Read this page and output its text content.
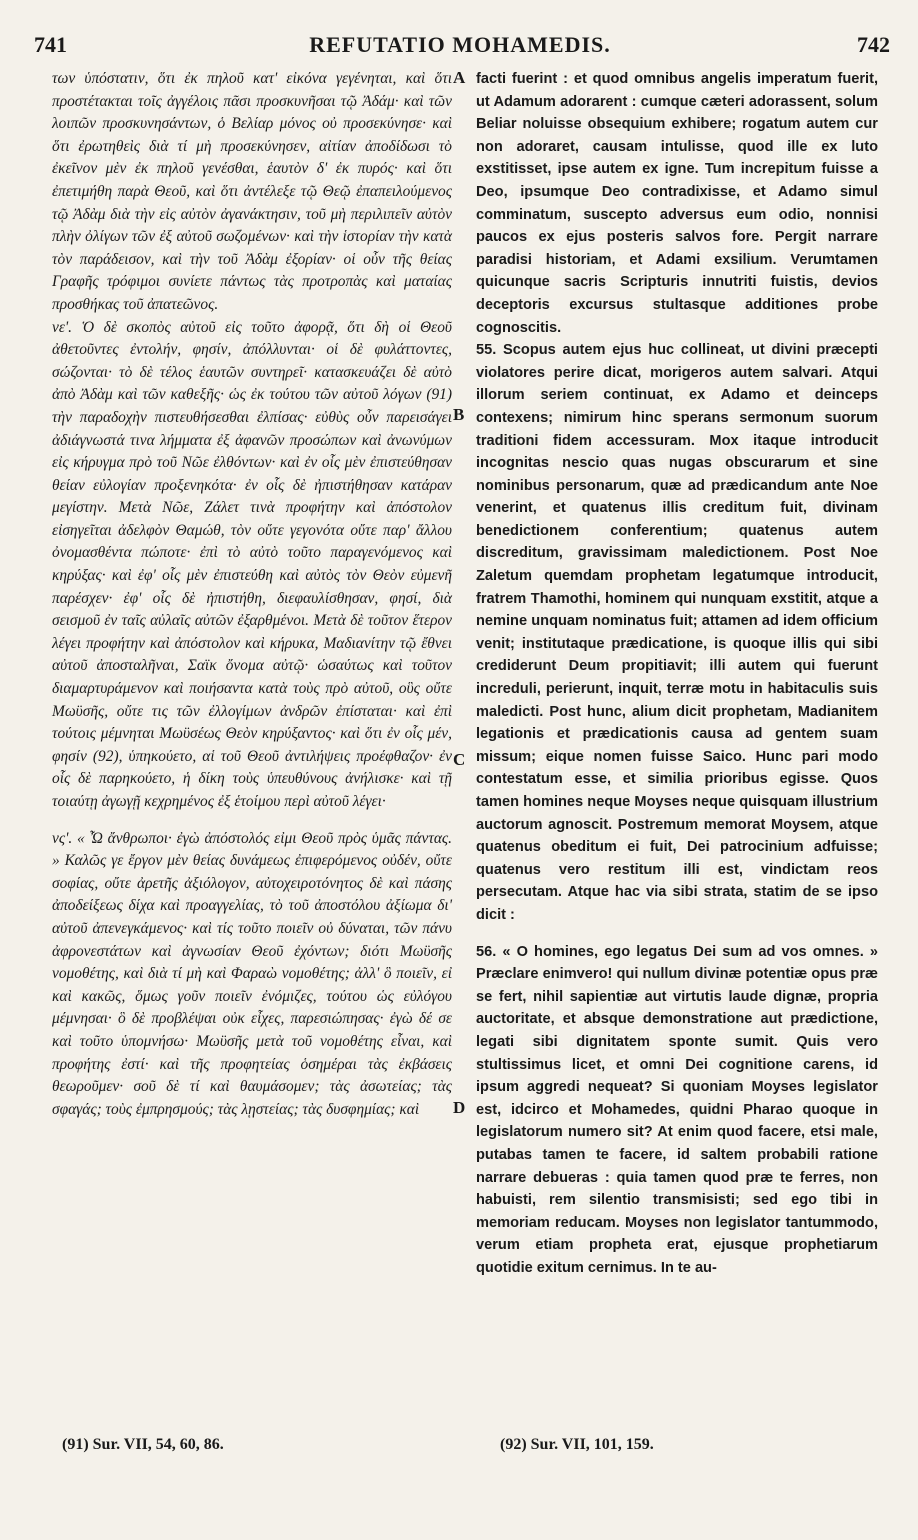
741	REFUTATIO MOHAMEDIS.	742

των ὑπόστατιν, ὅτι ἐκ πηλοῦ κατ' εἰκόνα γεγένηται, καὶ ὅτι προστέτακται τοῖς ἀγγέλοις πᾶσι προσκυνῆσαι τῷ Ἀδάμ· καὶ τῶν λοιπῶν προσκυνησάντων, ὁ Βελίαρ μόνος οὐ προσεκύνησε· καὶ ὅτι ἐρωτηθεὶς διὰ τί μὴ προσεκύνησεν, αἰτίαν ἀποδίδωσι τὸ ἐκεῖνον μὲν ἐκ πηλοῦ γενέσθαι, ἑαυτὸν δ' ἐκ πυρός· καὶ ὅτι ἐπετιμήθη παρὰ Θεοῦ, καὶ ὅτι ἀντέλεξε τῷ Θεῷ ἐπαπειλούμενος τῷ Ἀδὰμ διὰ τὴν εἰς αὐτὸν ἀγανάκτησιν, τοῦ μὴ περιλιπεῖν αὐτὸν πλὴν ὀλίγων τῶν ἐξ αὐτοῦ σωζομένων· καὶ τὴν ἱστορίαν τὴν κατὰ τὸν παράδεισον, καὶ τὴν τοῦ Ἀδὰμ ἐξορίαν· οἱ οὖν τῆς θείας Γραφῆς τρόφιμοι συνίετε πάντως τὰς προτροπὰς καὶ ματαίας προσθήκας τοῦ ἀπατεῶνος.

νε'. Ὁ δὲ σκοπὸς αὐτοῦ εἰς τοῦτο ἀφορᾷ, ὅτι δὴ οἱ Θεοῦ ἀθετοῦντες ἐντολήν, φησίν, ἀπόλλυνται· οἱ δὲ φυλάττοντες, σώζονται· τὸ δὲ τέλος ἑαυτῶν συντηρεῖ· κατασκευάζει δὲ αὐτὸ ἀπὸ Ἀδὰμ καὶ τῶν καθεξῆς· ὡς ἐκ τούτου τῶν αὐτοῦ λόγων (91) τὴν παραδοχὴν πιστευθήσεσθαι ἐλπίσας· εὐθὺς οὖν παρεισάγει ἀδιάγνωστά τινα λήμματα ἐξ ἀφανῶν προσώπων καὶ ἀνωνύμων εἰς κήρυγμα πρὸ τοῦ Νῶε ἐλθόντων· καὶ ἐν οἷς μὲν ἐπιστεύθησαν θείαν εὐλογίαν προξενηκότα· ἐν οἷς δὲ ἠπιστήθησαν κατάραν μεγίστην. Μετὰ Νῶε, Ζάλετ τινὰ προφήτην καὶ ἀπόστολον εἰσηγεῖται ἀδελφὸν Θαμώθ, τὸν οὔτε γεγονότα οὔτε παρ' ἄλλου ὀνομασθέντα πώποτε· ἐπὶ τὸ αὐτὸ τοῦτο παραγενόμενος καὶ κηρύξας· καὶ ἐφ' οἷς μὲν ἐπιστεύθη καὶ αὐτὸς τὸν Θεὸν εὐμενῆ παρέσχεν· ἐφ' οἷς δὲ ἠπιστήθη, διεφαυλίσθησαν, φησί, διὰ σεισμοῦ ἐν ταῖς αὐλαῖς αὐτῶν ἐξαρθμένοι. Μετὰ δὲ τοῦτον ἕτερον λέγει προφήτην καὶ ἀπόστολον καὶ κήρυκα, Μαδιανίτην τῷ ἔθνει αὐτοῦ ἀποσταλῆναι, Σαϊκ ὄνομα αὐτῷ· ὡσαύτως καὶ τοῦτον διαμαρτυράμενον καὶ ποιήσαντα κατὰ τοὺς πρὸ αὐτοῦ, οὓς οὔτε Μωϋσῆς, οὔτε τις τῶν ἐλλογίμων ἀνδρῶν ἐπίσταται· καὶ ἐπὶ τούτοις μέμνηται Μωϋσέως Θεὸν κηρύξαντος· καὶ ὅτι ἐν οἷς μέν, φησίν (92), ὑπηκούετο, αἱ τοῦ Θεοῦ ἀντιλήψεις προέφθαζον· ἐν οἷς δὲ παρηκούετο, ἡ δίκη τοὺς ὑπευθύνους ἀνήλισκε· καὶ τῇ τοιαύτῃ ἀγωγῇ κεχρημένος ἐξ ἑτοίμου περὶ αὐτοῦ λέγει·

νς'. « Ὦ ἄνθρωποι· ἐγὼ ἀπόστολός εἰμι Θεοῦ πρὸς ὑμᾶς πάντας. » Καλῶς γε ἔργον μὲν θείας δυνάμεως ἐπιφερόμενος οὐδέν, οὔτε σοφίας, οὔτε ἀρετῆς ἀξιόλογον, αὐτοχειροτόνητος δὲ καὶ πάσης ἀποδείξεως δίχα καὶ προαγγελίας, τὸ τοῦ ἀποστόλου ἀξίωμα δι' αὐτοῦ ἀπενεγκάμενος· καὶ τίς τοῦτο ποιεῖν οὐ δύναται, τῶν πάνυ ἀφρονεστάτων καὶ ἀγνωσίαν Θεοῦ ἐχόντων; διότι Μωϋσῆς νομοθέτης, καὶ διὰ τί μὴ καὶ Φαραὼ νομοθέτης; ἀλλ' ὃ ποιεῖν, εἰ καὶ κακῶς, ὅμως γοῦν ποιεῖν ἐνόμιζες, τούτου ὡς εὐλόγου μέμνησαι· ὃ δὲ προβλέψαι οὐκ εἶχες, παρεσιώπησας· ἐγὼ δέ σε καὶ τοῦτο ὑπομνήσω· Μωϋσῆς μετὰ τοῦ νομοθέτης εἶναι, καὶ προφήτης ἐστί· καὶ τῆς προφητείας ὁσημέραι τὰς ἐκβάσεις θεωροῦμεν· σοῦ δὲ τί καὶ θαυμάσομεν; τὰς ἀσωτείας; τὰς σφαγάς; τοὺς ἐμπρησμούς; τὰς λῃστείας; τὰς δυσφημίας; καὶ

facti fuerint : et quod omnibus angelis imperatum fuerit, ut Adamum adorarent : cumque cæteri adorassent, solum Beliar noluisse obsequium exhibere; rogatum autem cur non adoraret, causam intulisse, quod ille ex luto exstitisset, ipse autem ex igne. Tum increpitum fuisse a Deo, ipsumque Deo contradixisse, et Adamo simul comminatum, suscepto adversus eum odio, nonnisi paucos ex ejus posteris salvos fore. Pergit narrare paradisi historiam, et Adami exsilium. Verumtamen quicunque sacris Scripturis innutriti fuistis, devios deceptoris excursus stultasque additiones probe cognoscitis.

55. Scopus autem ejus huc collineat, ut divini præcepti violatores perire dicat, morigeros autem salvari. Atqui illorum seriem continuat, ex Adamo et deinceps contexens; nimirum hinc sperans sermonum suorum traditioni fidem accessuram. Mox itaque introducit incognitas nescio quas nugas obscurarum et sine nominibus personarum, quæ ad prædicandum ante Noe venerint, et quatenus illis creditum fuit, divinam benedictionem conferentium; quatenus autem discreditum, gravissimam maledictionem. Post Noe Zaletum quemdam prophetam legatumque introducit, fratrem Thamothi, hominem qui nunquam exstitit, atque a nemine unquam nominatus fuit; attamen ad idem officium venit; institutaque prædicatione, is quoque illis qui sibi crediderunt Deum propitiavit; illi autem qui fuerunt increduli, perierunt, inquit, terræ motu in habitaculis suis maledicti. Post hunc, alium dicit prophetam, Madianitem legationis et prædicationis causa ad gentem suam missum; eique nomen fuisse Saico. Hunc pari modo contestatum esse, et similia prioribus egisse. Quos tamen homines neque Moyses neque quisquam illustrium auctorum agnoscit. Postremum memorat Moysem, atque quatenus obeditum ei fuit, Dei patrocinium adfuisse; quatenus vero restitum illi est, vindictam reos persecutam. Atque hac via sibi strata, statim de se ipso dicit :

56. « O homines, ego legatus Dei sum ad vos omnes. » Præclare enimvero! qui nullum divinæ potentiæ opus præ se fert, nihil sapientiæ aut virtutis laude dignæ, propria auctoritate, et absque demonstratione aut prædictione, legati sibi dignitatem sponte sumit. Quis vero stultissimus licet, et omni Dei cognitione carens, id ipsum aggredi nequeat? Si quoniam Moyses legislator est, idcirco et Mohamedes, quidni Pharao quoque in legislatorum numero sit? At enim quod facere, etsi male, putabas tamen te facere, id saltem probabili ratione narrare debueras : quia tamen quod præ te ferres, non habuisti, rem silentio transmisisti; sed ego tibi in memoriam reducam. Moyses non legislator tantummodo, verum etiam propheta erat, ejusque prophetiarum quotidie exitum cernimus. In te au-

A
B
C
D
(91) Sur. VII, 54, 60, 86.	(92) Sur. VII, 101, 159.
